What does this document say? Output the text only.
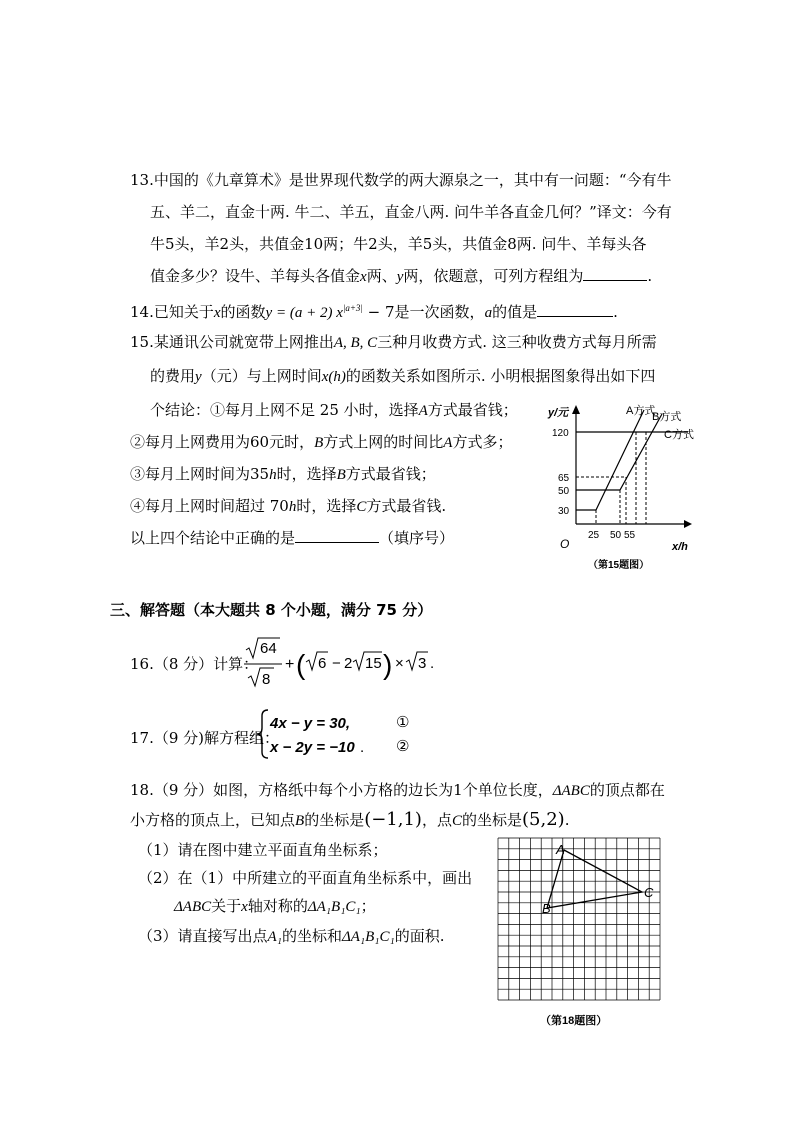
13.中国的《九章算术》是世界现代数学的两大源泉之一，其中有一问题：“今有牛
五、羊二，直金十两. 牛二、羊五，直金八两. 问牛羊各直金几何？”译文：今有
牛5头，羊2头，共值金10两；牛2头，羊5头，共值金8两. 问牛、羊每头各
值金多少？设牛、羊每头各值金x两、y两，依题意，可列方程组为	.
14.已知关于x的函数y = (a + 2) $x^{|a+3|} - 7$是一次函数，a的值是	.
15.某通讯公司就宽带上网推出A, B, C三种月收费方式. 这三种收费方式每月所需
的费用y（元）与上网时间x(h)的函数关系如图所示. 小明根据图象得出如下四
个结论：①每月上网不足 25 小时，选择A方式最省钱；
②每月上网费用为60元时，B方式上网的时间比A方式多；
③每月上网时间为35h时，选择B方式最省钱；
④每月上网时间超过 70h时，选择C方式最省钱.
以上四个结论中正确的是	（填序号）
y/元
x/h
O
120
65
50
30
25 50 55
A方式
B方式
C方式
（第15题图）
三、解答题（本大题共 8 个小题，满分 75 分）
16.（8 分）计算：
64
8
+ ( 6 − 2 15 ) × 3 .
17.（9 分)解方程组：
4x − y = 30,
x − 2y = −10 .
①
②
18.（9 分）如图，方格纸中每个小方格的边长为1个单位长度，ΔABC的顶点都在
小方格的顶点上，已知点B的坐标是(−1,1)，点C的坐标是(5,2).
（1）请在图中建立平面直角坐标系；
（2）在（1）中所建立的平面直角坐标系中，画出
ΔABC关于x轴对称的ΔA₁B₁C₁；
（3）请直接写出点A₁的坐标和ΔA₁B₁C₁的面积.
A
B
C
（第18题图）
